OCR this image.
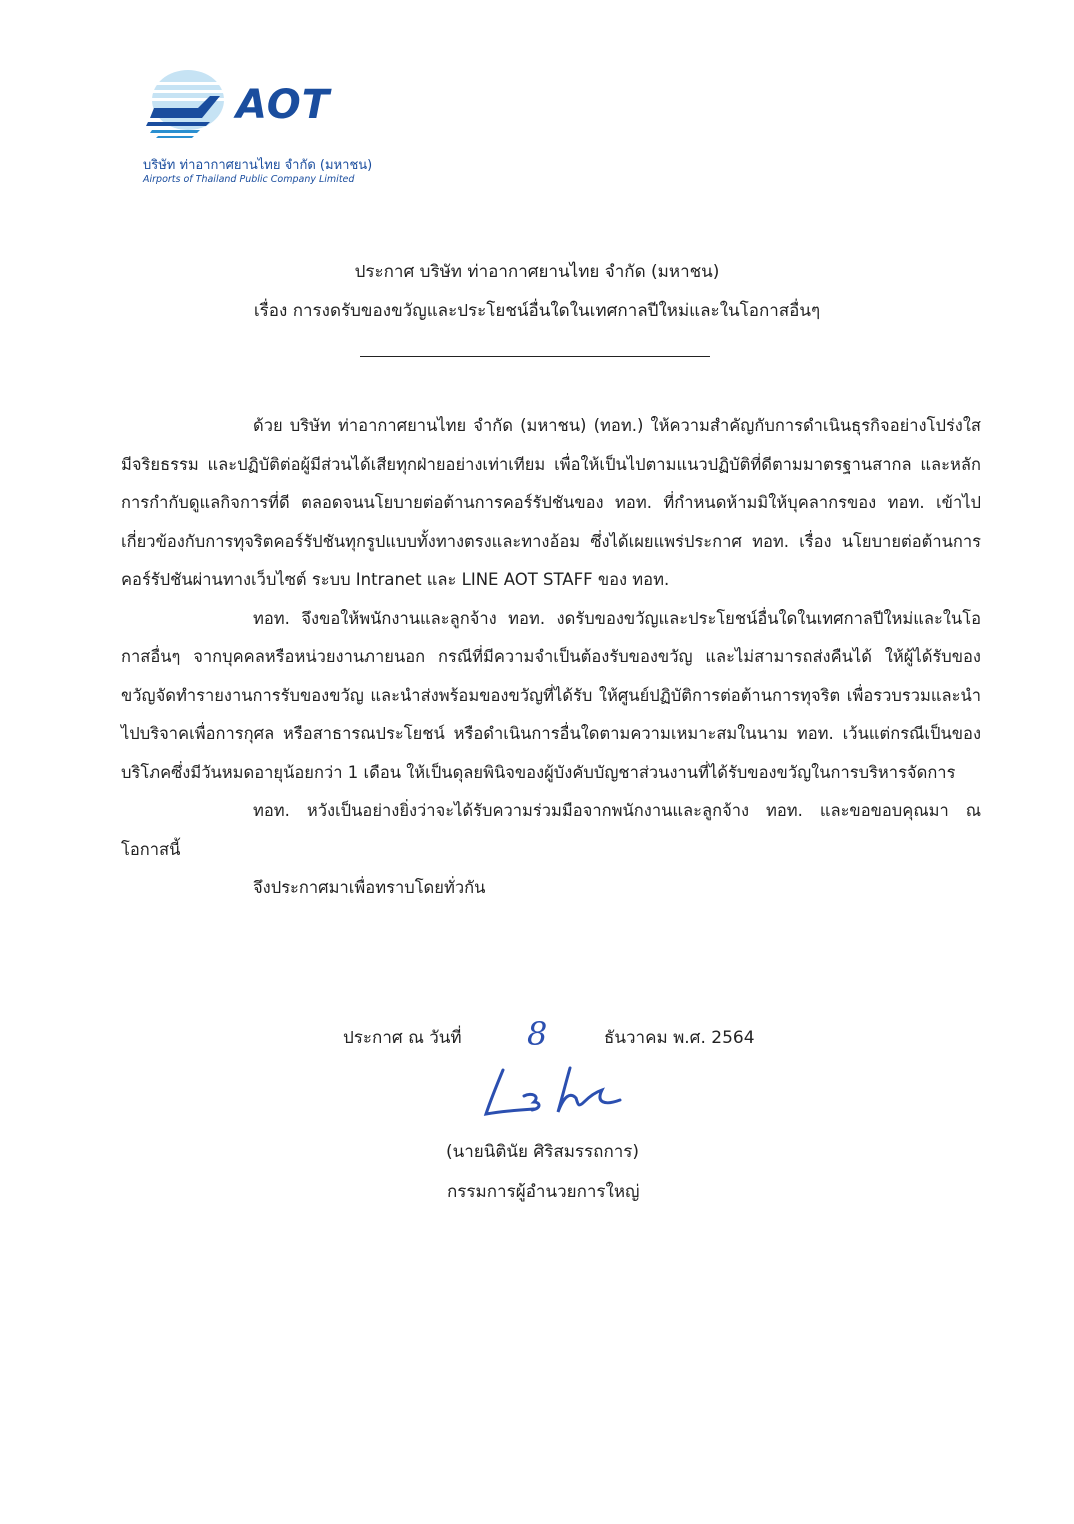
AOT
บริษัท ท่าอากาศยานไทย จำกัด (มหาชน)
Airports of Thailand Public Company Limited
ประกาศ บริษัท ท่าอากาศยานไทย จำกัด (มหาชน)
เรื่อง การงดรับของขวัญและประโยชน์อื่นใดในเทศกาลปีใหม่และในโอกาสอื่นๆ

ด้วย บริษัท ท่าอากาศยานไทย จำกัด (มหาชน) (ทอท.) ให้ความสำคัญกับการดำเนินธุรกิจอย่างโปร่งใส มีจริยธรรม และปฏิบัติต่อผู้มีส่วนได้เสียทุกฝ่ายอย่างเท่าเทียม เพื่อให้เป็นไปตามแนวปฏิบัติที่ดีตามมาตรฐานสากล และหลักการกำกับดูแลกิจการที่ดี ตลอดจนนโยบายต่อต้านการคอร์รัปชันของ ทอท. ที่กำหนดห้ามมิให้บุคลากรของ ทอท. เข้าไปเกี่ยวข้องกับการทุจริตคอร์รัปชันทุกรูปแบบทั้งทางตรงและทางอ้อม ซึ่งได้เผยแพร่ประกาศ ทอท. เรื่อง นโยบายต่อต้านการคอร์รัปชันผ่านทางเว็บไซต์ ระบบ Intranet และ LINE AOT STAFF ของ ทอท.

ทอท. จึงขอให้พนักงานและลูกจ้าง ทอท. งดรับของขวัญและประโยชน์อื่นใดในเทศกาลปีใหม่และในโอกาสอื่นๆ จากบุคคลหรือหน่วยงานภายนอก กรณีที่มีความจำเป็นต้องรับของขวัญ และไม่สามารถส่งคืนได้ ให้ผู้ได้รับของขวัญจัดทำรายงานการรับของขวัญ และนำส่งพร้อมของขวัญที่ได้รับ ให้ศูนย์ปฏิบัติการต่อต้านการทุจริต เพื่อรวบรวมและนำไปบริจาคเพื่อการกุศล หรือสาธารณประโยชน์ หรือดำเนินการอื่นใดตามความเหมาะสมในนาม ทอท. เว้นแต่กรณีเป็นของบริโภคซึ่งมีวันหมดอายุน้อยกว่า 1 เดือน ให้เป็นดุลยพินิจของผู้บังคับบัญชาส่วนงานที่ได้รับของขวัญในการบริหารจัดการ

ทอท. หวังเป็นอย่างยิ่งว่าจะได้รับความร่วมมือจากพนักงานและลูกจ้าง ทอท. และขอขอบคุณมา ณ โอกาสนี้

จึงประกาศมาเพื่อทราบโดยทั่วกัน

ประกาศ ณ วันที่ 8	ธันวาคม พ.ศ. 2564
(นายนิตินัย ศิริสมรรถการ)
กรรมการผู้อำนวยการใหญ่
